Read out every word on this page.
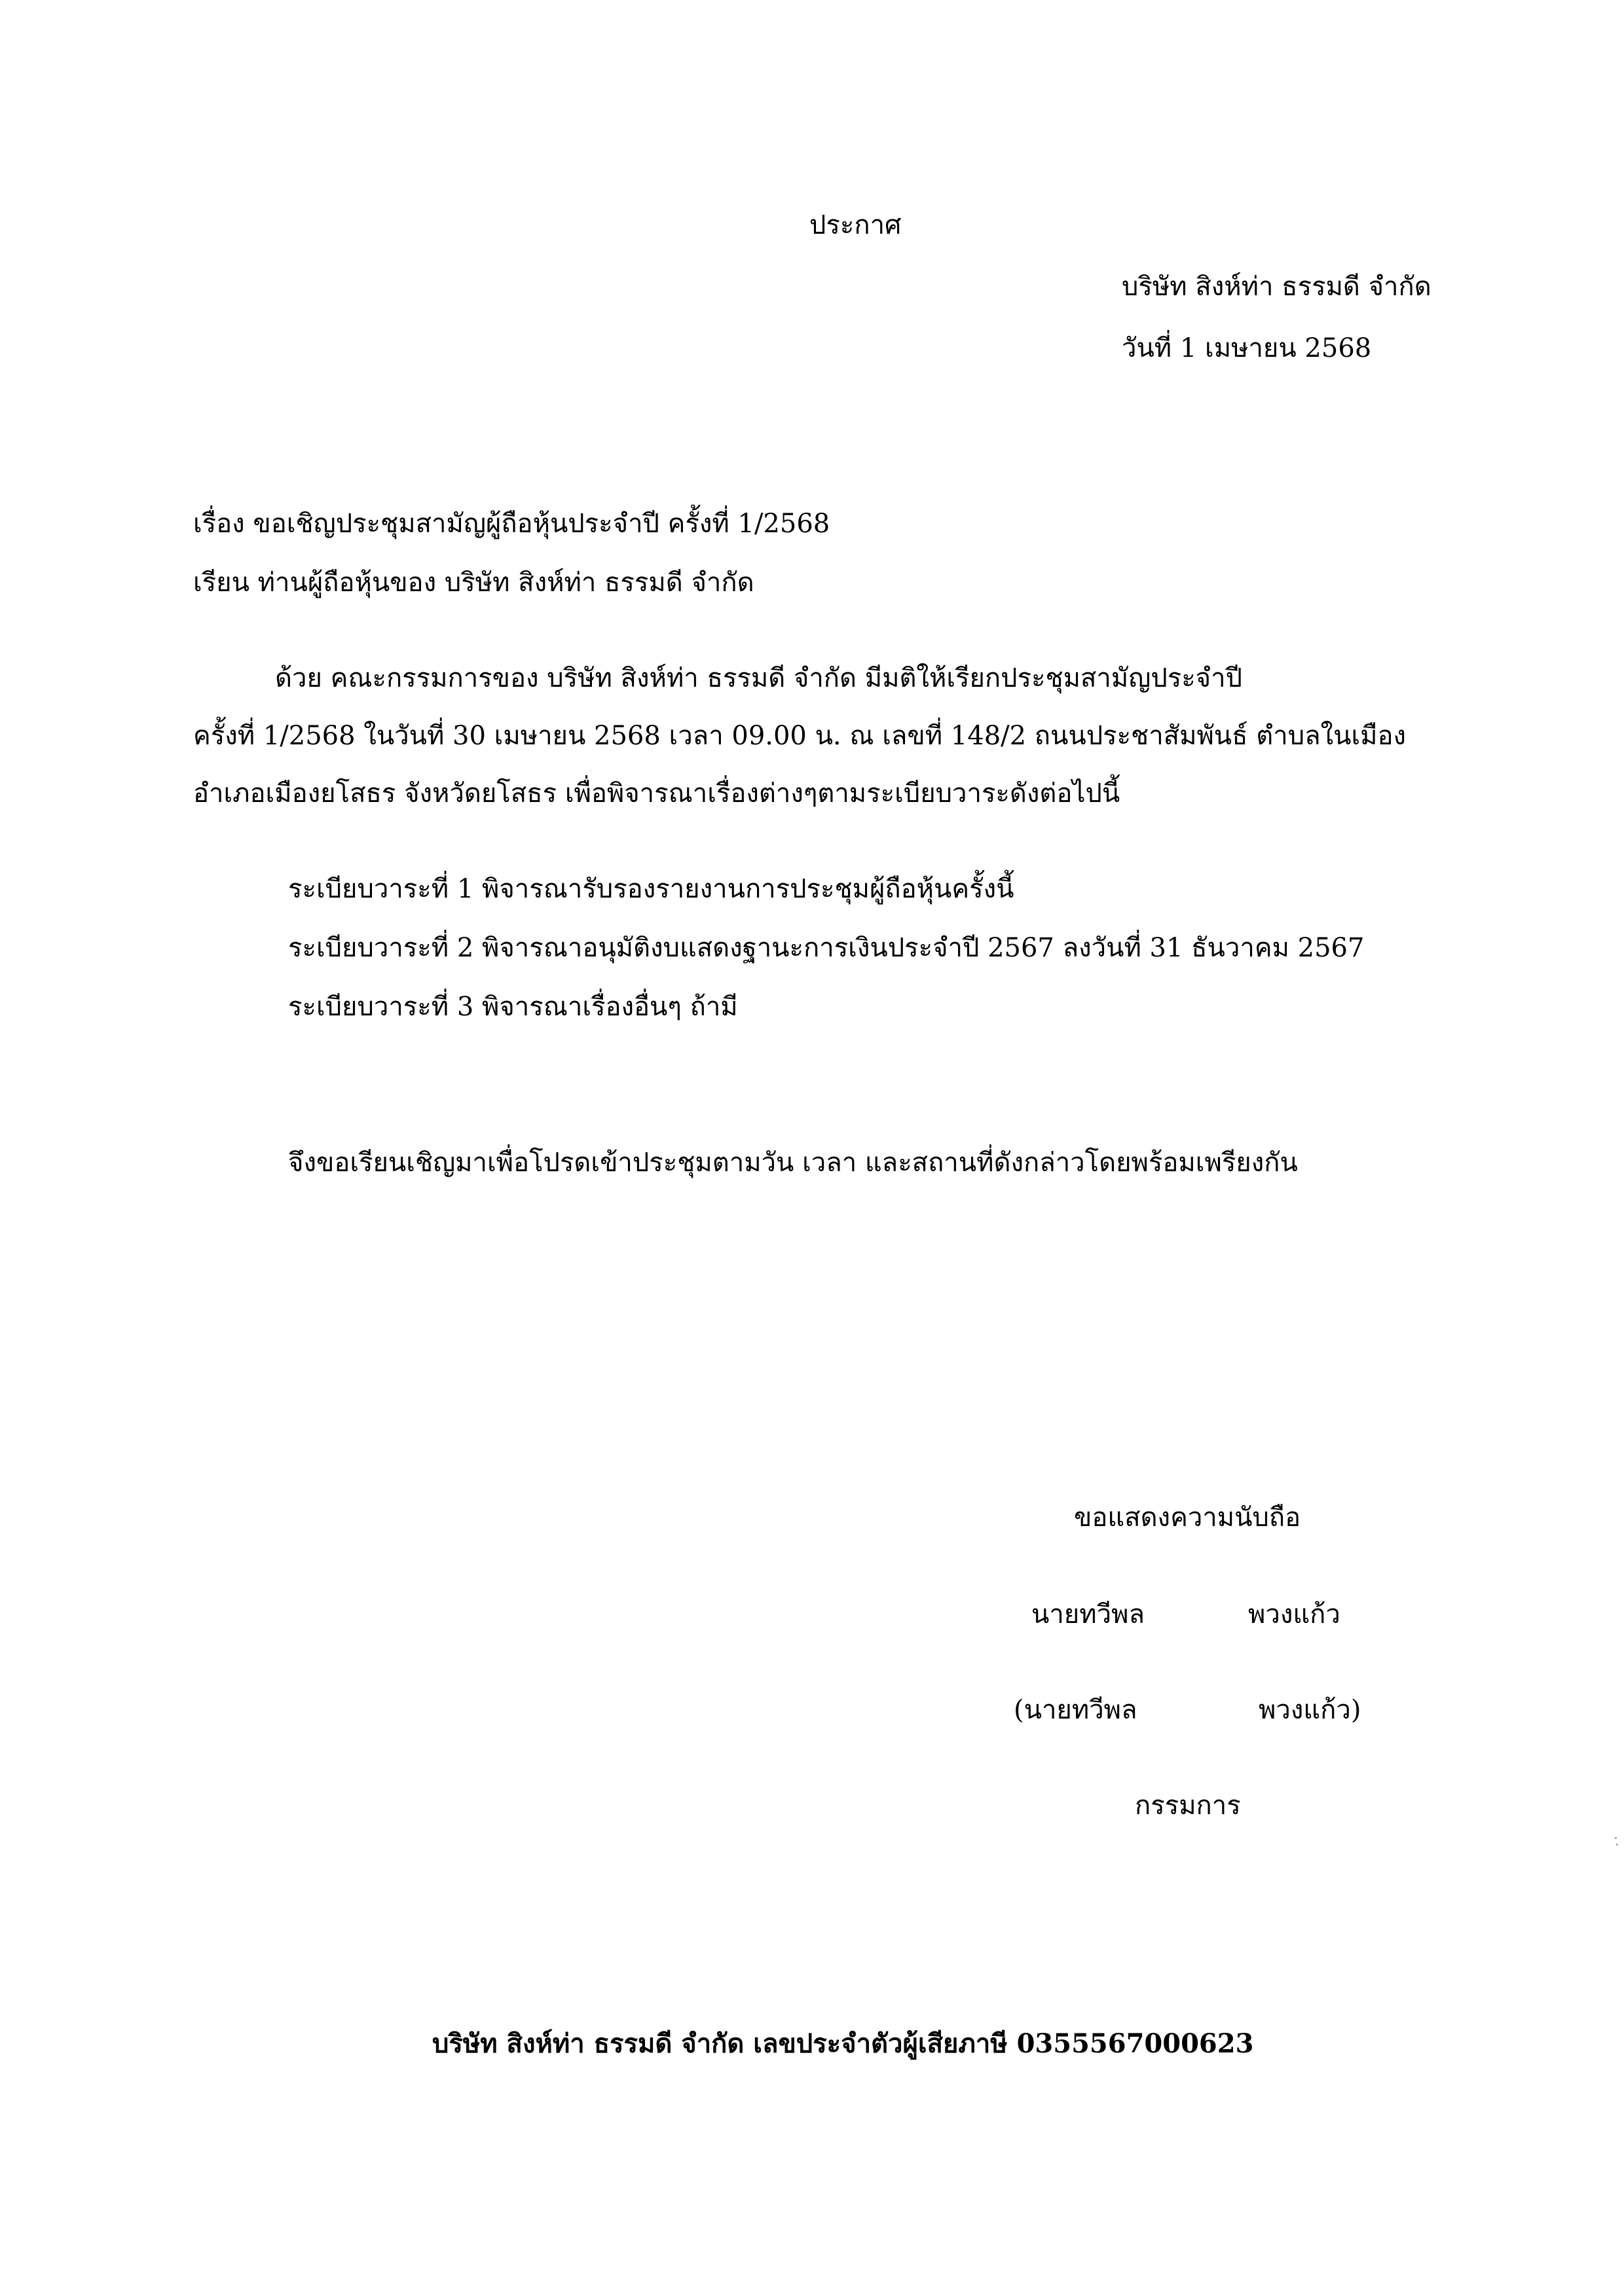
ประกาศ
บริษัท สิงห์ท่า ธรรมดี จำกัด
วันที่ 1 เมษายน 2568
เรื่อง ขอเชิญประชุมสามัญผู้ถือหุ้นประจำปี ครั้งที่ 1/2568
เรียน ท่านผู้ถือหุ้นของ บริษัท สิงห์ท่า ธรรมดี จำกัด
ด้วย คณะกรรมการของ บริษัท สิงห์ท่า ธรรมดี จำกัด มีมติให้เรียกประชุมสามัญประจำปี
ครั้งที่ 1/2568 ในวันที่ 30 เมษายน 2568 เวลา 09.00 น. ณ เลขที่ 148/2 ถนนประชาสัมพันธ์ ตำบลในเมือง
อำเภอเมืองยโสธร จังหวัดยโสธร เพื่อพิจารณาเรื่องต่างๆตามระเบียบวาระดังต่อไปนี้
ระเบียบวาระที่ 1 พิจารณารับรองรายงานการประชุมผู้ถือหุ้นครั้งนี้
ระเบียบวาระที่ 2 พิจารณาอนุมัติงบแสดงฐานะการเงินประจำปี 2567 ลงวันที่ 31 ธันวาคม 2567
ระเบียบวาระที่ 3 พิจารณาเรื่องอื่นๆ ถ้ามี
จึงขอเรียนเชิญมาเพื่อโปรดเข้าประชุมตามวัน เวลา และสถานที่ดังกล่าวโดยพร้อมเพรียงกัน
ขอแสดงความนับถือ
นายทวีพล	พวงแก้ว
(นายทวีพล	พวงแก้ว)
กรรมการ
บริษัท สิงห์ท่า ธรรมดี จำกัด เลขประจำตัวผู้เสียภาษี 0355567000623
